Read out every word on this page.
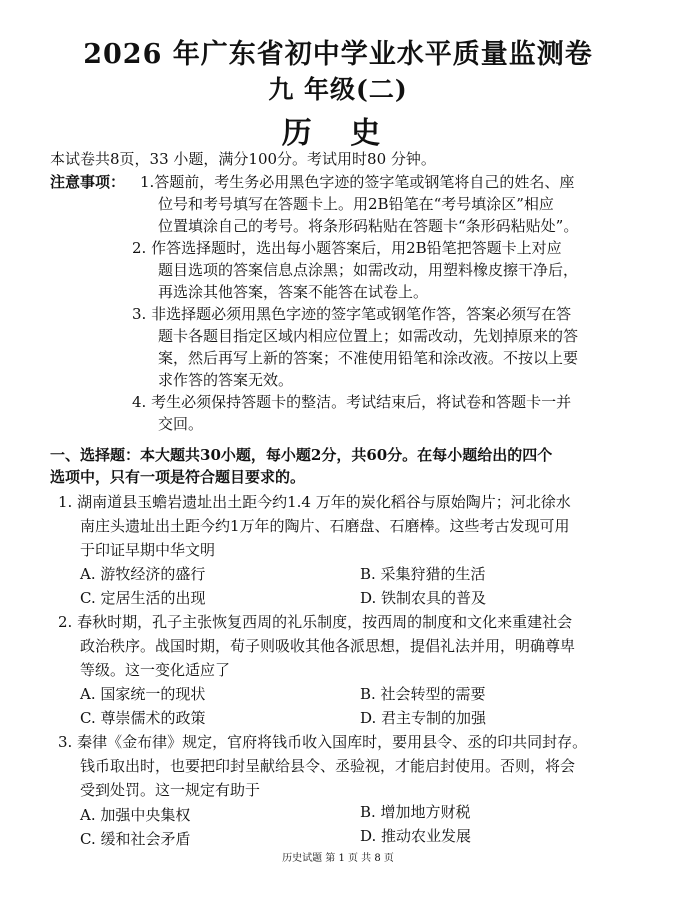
2026 年广东省初中学业水平质量监测卷
九 年级(二)
历 史
本试卷共8页，33 小题，满分100分。考试用时80 分钟。
注意事项： 1.答题前，考生务必用黑色字迹的签字笔或钢笔将自己的姓名、座
位号和考号填写在答题卡上。用2B铅笔在“考号填涂区”相应
位置填涂自己的考号。将条形码粘贴在答题卡“条形码粘贴处”。
2. 作答选择题时，选出每小题答案后，用2B铅笔把答题卡上对应
题目选项的答案信息点涂黑；如需改动，用塑料橡皮擦干净后，
再选涂其他答案，答案不能答在试卷上。
3. 非选择题必须用黑色字迹的签字笔或钢笔作答，答案必须写在答
题卡各题目指定区域内相应位置上；如需改动，先划掉原来的答
案，然后再写上新的答案；不准使用铅笔和涂改液。不按以上要
求作答的答案无效。
4. 考生必须保持答题卡的整洁。考试结束后，将试卷和答题卡一并
交回。
一、选择题：本大题共30小题，每小题2分，共60分。在每小题给出的四个
选项中，只有一项是符合题目要求的。
1. 湖南道县玉蟾岩遗址出土距今约1.4 万年的炭化稻谷与原始陶片；河北徐水
南庄头遗址出土距今约1万年的陶片、石磨盘、石磨棒。这些考古发现可用
于印证早期中华文明
A. 游牧经济的盛行	B. 采集狩猎的生活
C. 定居生活的出现	D. 铁制农具的普及
2. 春秋时期，孔子主张恢复西周的礼乐制度，按西周的制度和文化来重建社会
政治秩序。战国时期，荀子则吸收其他各派思想，提倡礼法并用，明确尊卑
等级。这一变化适应了
A. 国家统一的现状	B. 社会转型的需要
C. 尊崇儒术的政策	D. 君主专制的加强
3. 秦律《金布律》规定，官府将钱币收入国库时，要用县令、丞的印共同封存。
钱币取出时，也要把印封呈献给县令、丞验视，才能启封使用。否则，将会
受到处罚。这一规定有助于
A. 加强中央集权	B. 增加地方财税
C. 缓和社会矛盾	D. 推动农业发展
历史试题 第 1 页 共 8 页
